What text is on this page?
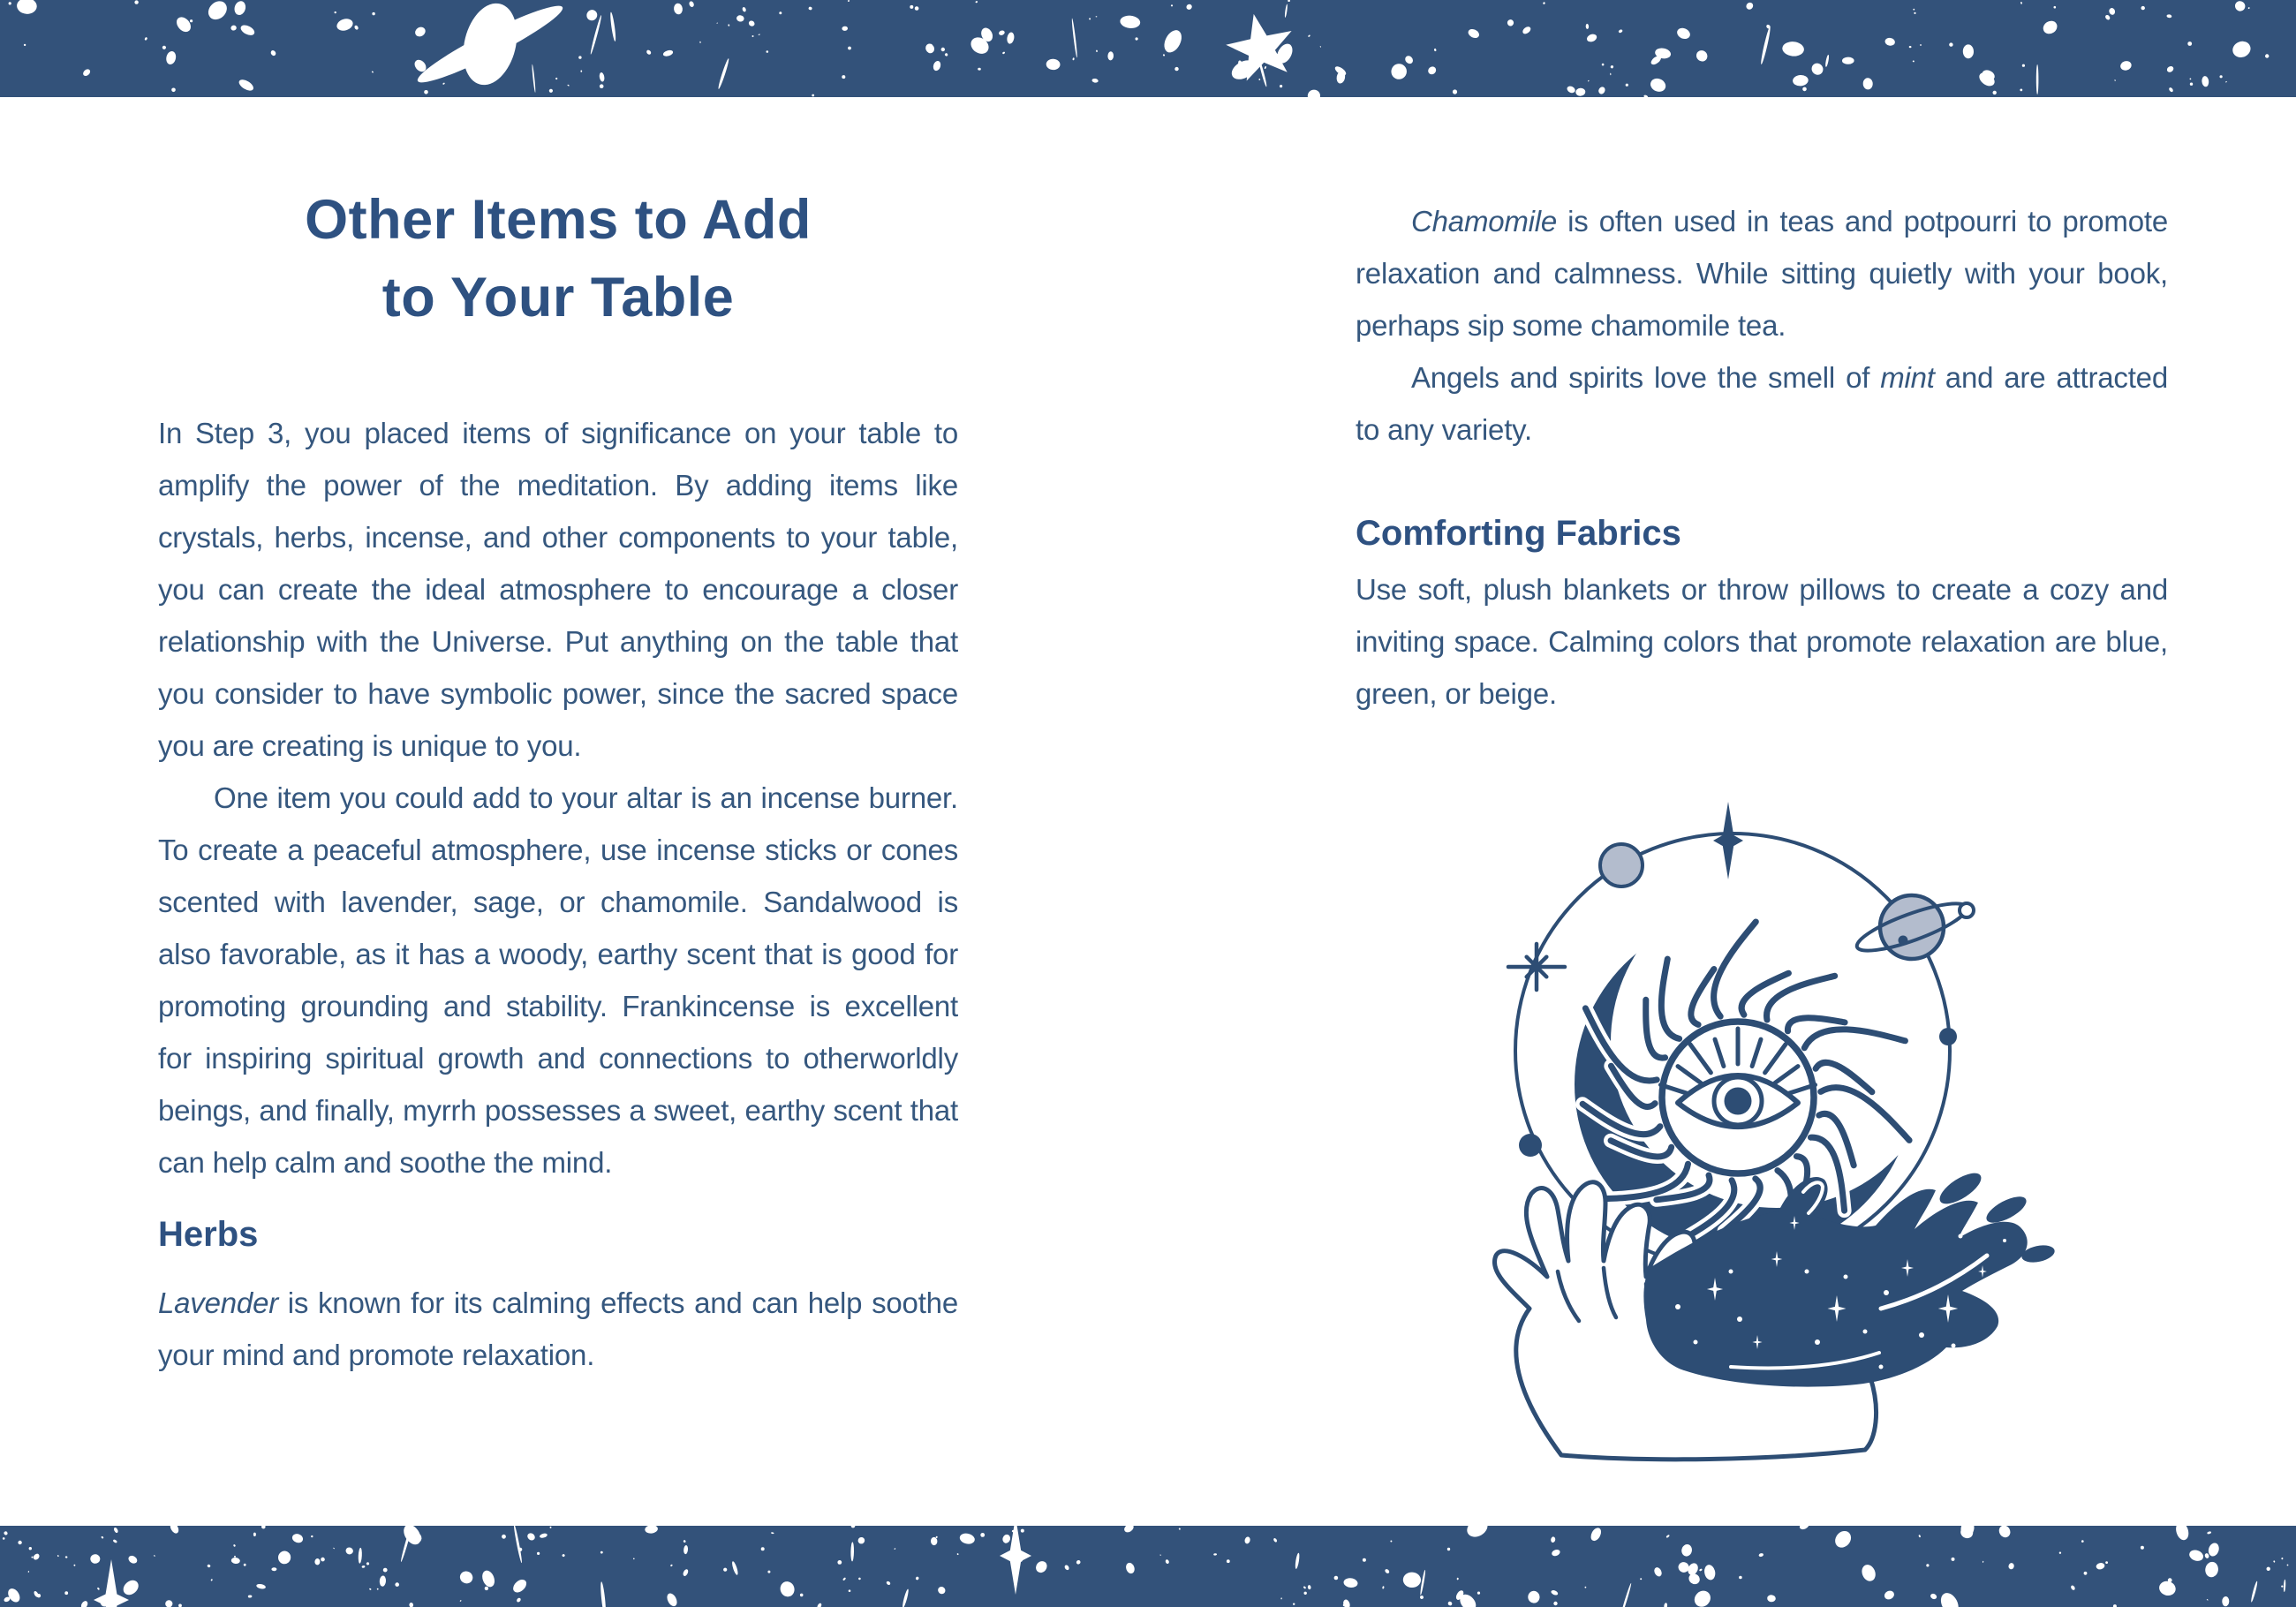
Other Items to Add
to Your Table

In Step 3, you placed items of significance on your table to amplify the power of the meditation. By adding items like crystals, herbs, incense, and other components to your table, you can create the ideal atmosphere to encourage a closer relationship with the Universe. Put anything on the table that you consider to have symbolic power, since the sacred space you are creating is unique to you.

One item you could add to your altar is an incense burner. To create a peaceful atmosphere, use incense sticks or cones scented with lavender, sage, or chamomile. Sandalwood is also favorable, as it has a woody, earthy scent that is good for promoting grounding and stability. Frankincense is excellent for inspiring spiritual growth and connections to otherworldly beings, and finally, myrrh possesses a sweet, earthy scent that can help calm and soothe the mind.

Herbs

Lavender is known for its calming effects and can help soothe your mind and promote relaxation.

Chamomile is often used in teas and potpourri to promote relaxation and calmness. While sitting quietly with your book, perhaps sip some chamomile tea.

Angels and spirits love the smell of mint and are attracted to any variety.

Comforting Fabrics

Use soft, plush blankets or throw pillows to create a cozy and inviting space. Calming colors that promote relaxation are blue, green, or beige.
